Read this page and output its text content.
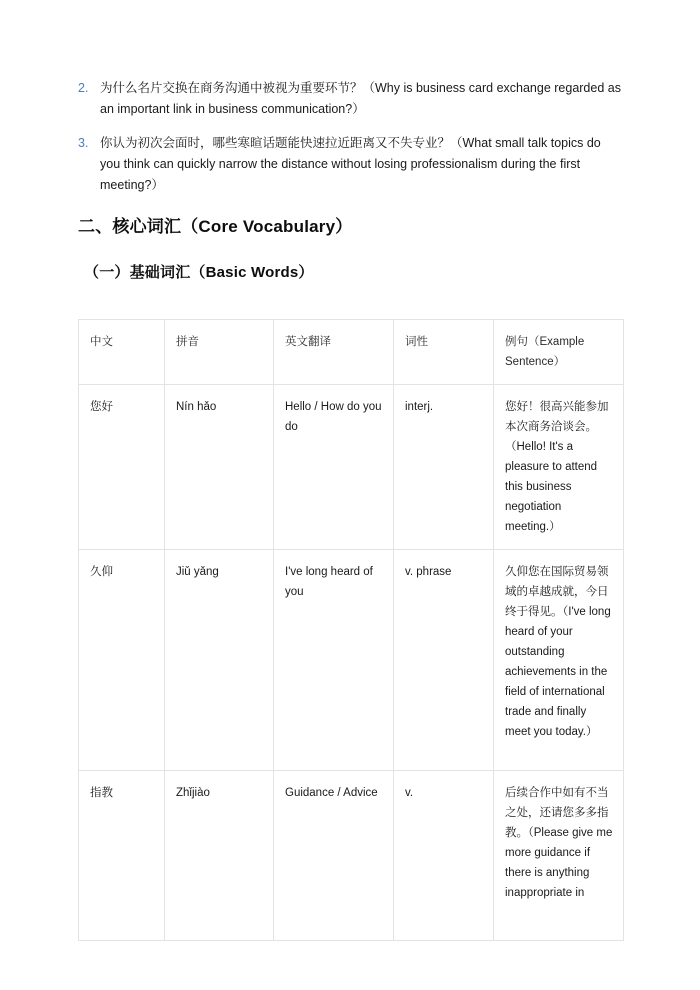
2. 为什么名片交换在商务沟通中被视为重要环节？（Why is business card exchange regarded as an important link in business communication?）
3. 你认为初次会面时，哪些寒暄话题能快速拉近距离又不失专业？（What small talk topics do you think can quickly narrow the distance without losing professionalism during the first meeting?）
二、核心词汇（Core Vocabulary）
（一）基础词汇（Basic Words）
中文	拼音	英文翻译	词性	例句（Example Sentence）
您好	Nín hǎo	Hello / How do you do	interj.	您好！很高兴能参加本次商务洽谈会。（Hello! It's a pleasure to attend this business negotiation meeting.）
久仰	Jiǔ yǎng	I've long heard of you	v. phrase	久仰您在国际贸易领域的卓越成就，今日终于得见。（I've long heard of your outstanding achievements in the field of international trade and finally meet you today.）
指教	Zhǐjiào	Guidance / Advice	v.	后续合作中如有不当之处，还请您多多指教。（Please give me more guidance if there is anything inappropriate in
